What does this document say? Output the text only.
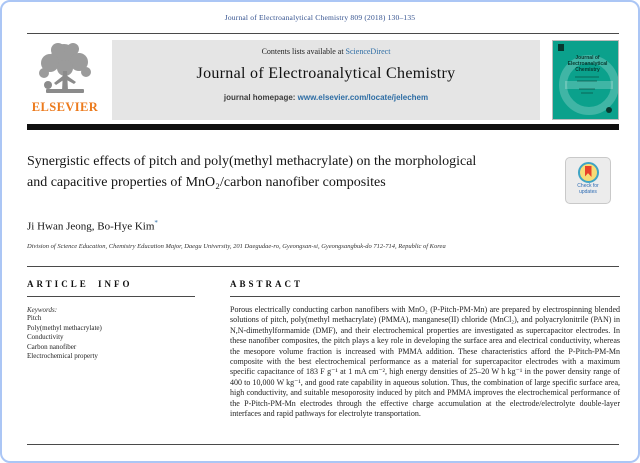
Journal of Electroanalytical Chemistry 809 (2018) 130–135
ELSEVIER
Contents lists available at ScienceDirect
Journal of Electroanalytical Chemistry
journal homepage: www.elsevier.com/locate/jelechem
Journal of Electroanalytical Chemistry
Synergistic effects of pitch and poly(methyl methacrylate) on the morphological and capacitive properties of MnO₂/carbon nanofiber composites	Check for
updates
Ji Hwan Jeong, Bo-Hye Kim*
Division of Science Education, Chemistry Education Major, Daegu University, 201 Daegudae-ro, Gyeongsan-si, Gyeongsangbuk-do 712-714, Republic of Korea
ARTICLE INFO
Keywords:
Pitch
Poly(methyl methacrylate)
Conductivity
Carbon nanofiber
Electrochemical property
ABSTRACT

Porous electrically conducting carbon nanofibers with MnO₂ (P-Pitch-PM-Mn) are prepared by electrospinning blended solutions of pitch, poly(methyl methacrylate) (PMMA), manganese(II) chloride (MnCl₂), and polyacrylonitrile (PAN) in N,N-dimethylformamide (DMF), and their electrochemical properties are investigated as supercapacitor electrodes. In these nanofiber composites, the pitch plays a key role in developing the surface area and electrical conductivity, whereas the mesopore volume fraction is increased with PMMA addition. These characteristics afford the P-Pitch-PM-Mn composite with the best electrochemical performance as a material for supercapacitor electrodes with a maximum specific capacitance of 183 F g⁻¹ at 1 mA cm⁻², high energy densities of 25–20 W h kg⁻¹ in the power density range of 400 to 10,000 W kg⁻¹, and good rate capability in aqueous solution. Thus, the combination of large specific surface area, high conductivity, and suitable mesoporosity induced by pitch and PMMA improves the electrochemical performance of the P-Pitch-PM-Mn electrodes through the effective charge accumulation at the electrode/electrolyte double-layer interfaces and rapid pathways for electrolyte transportation.
